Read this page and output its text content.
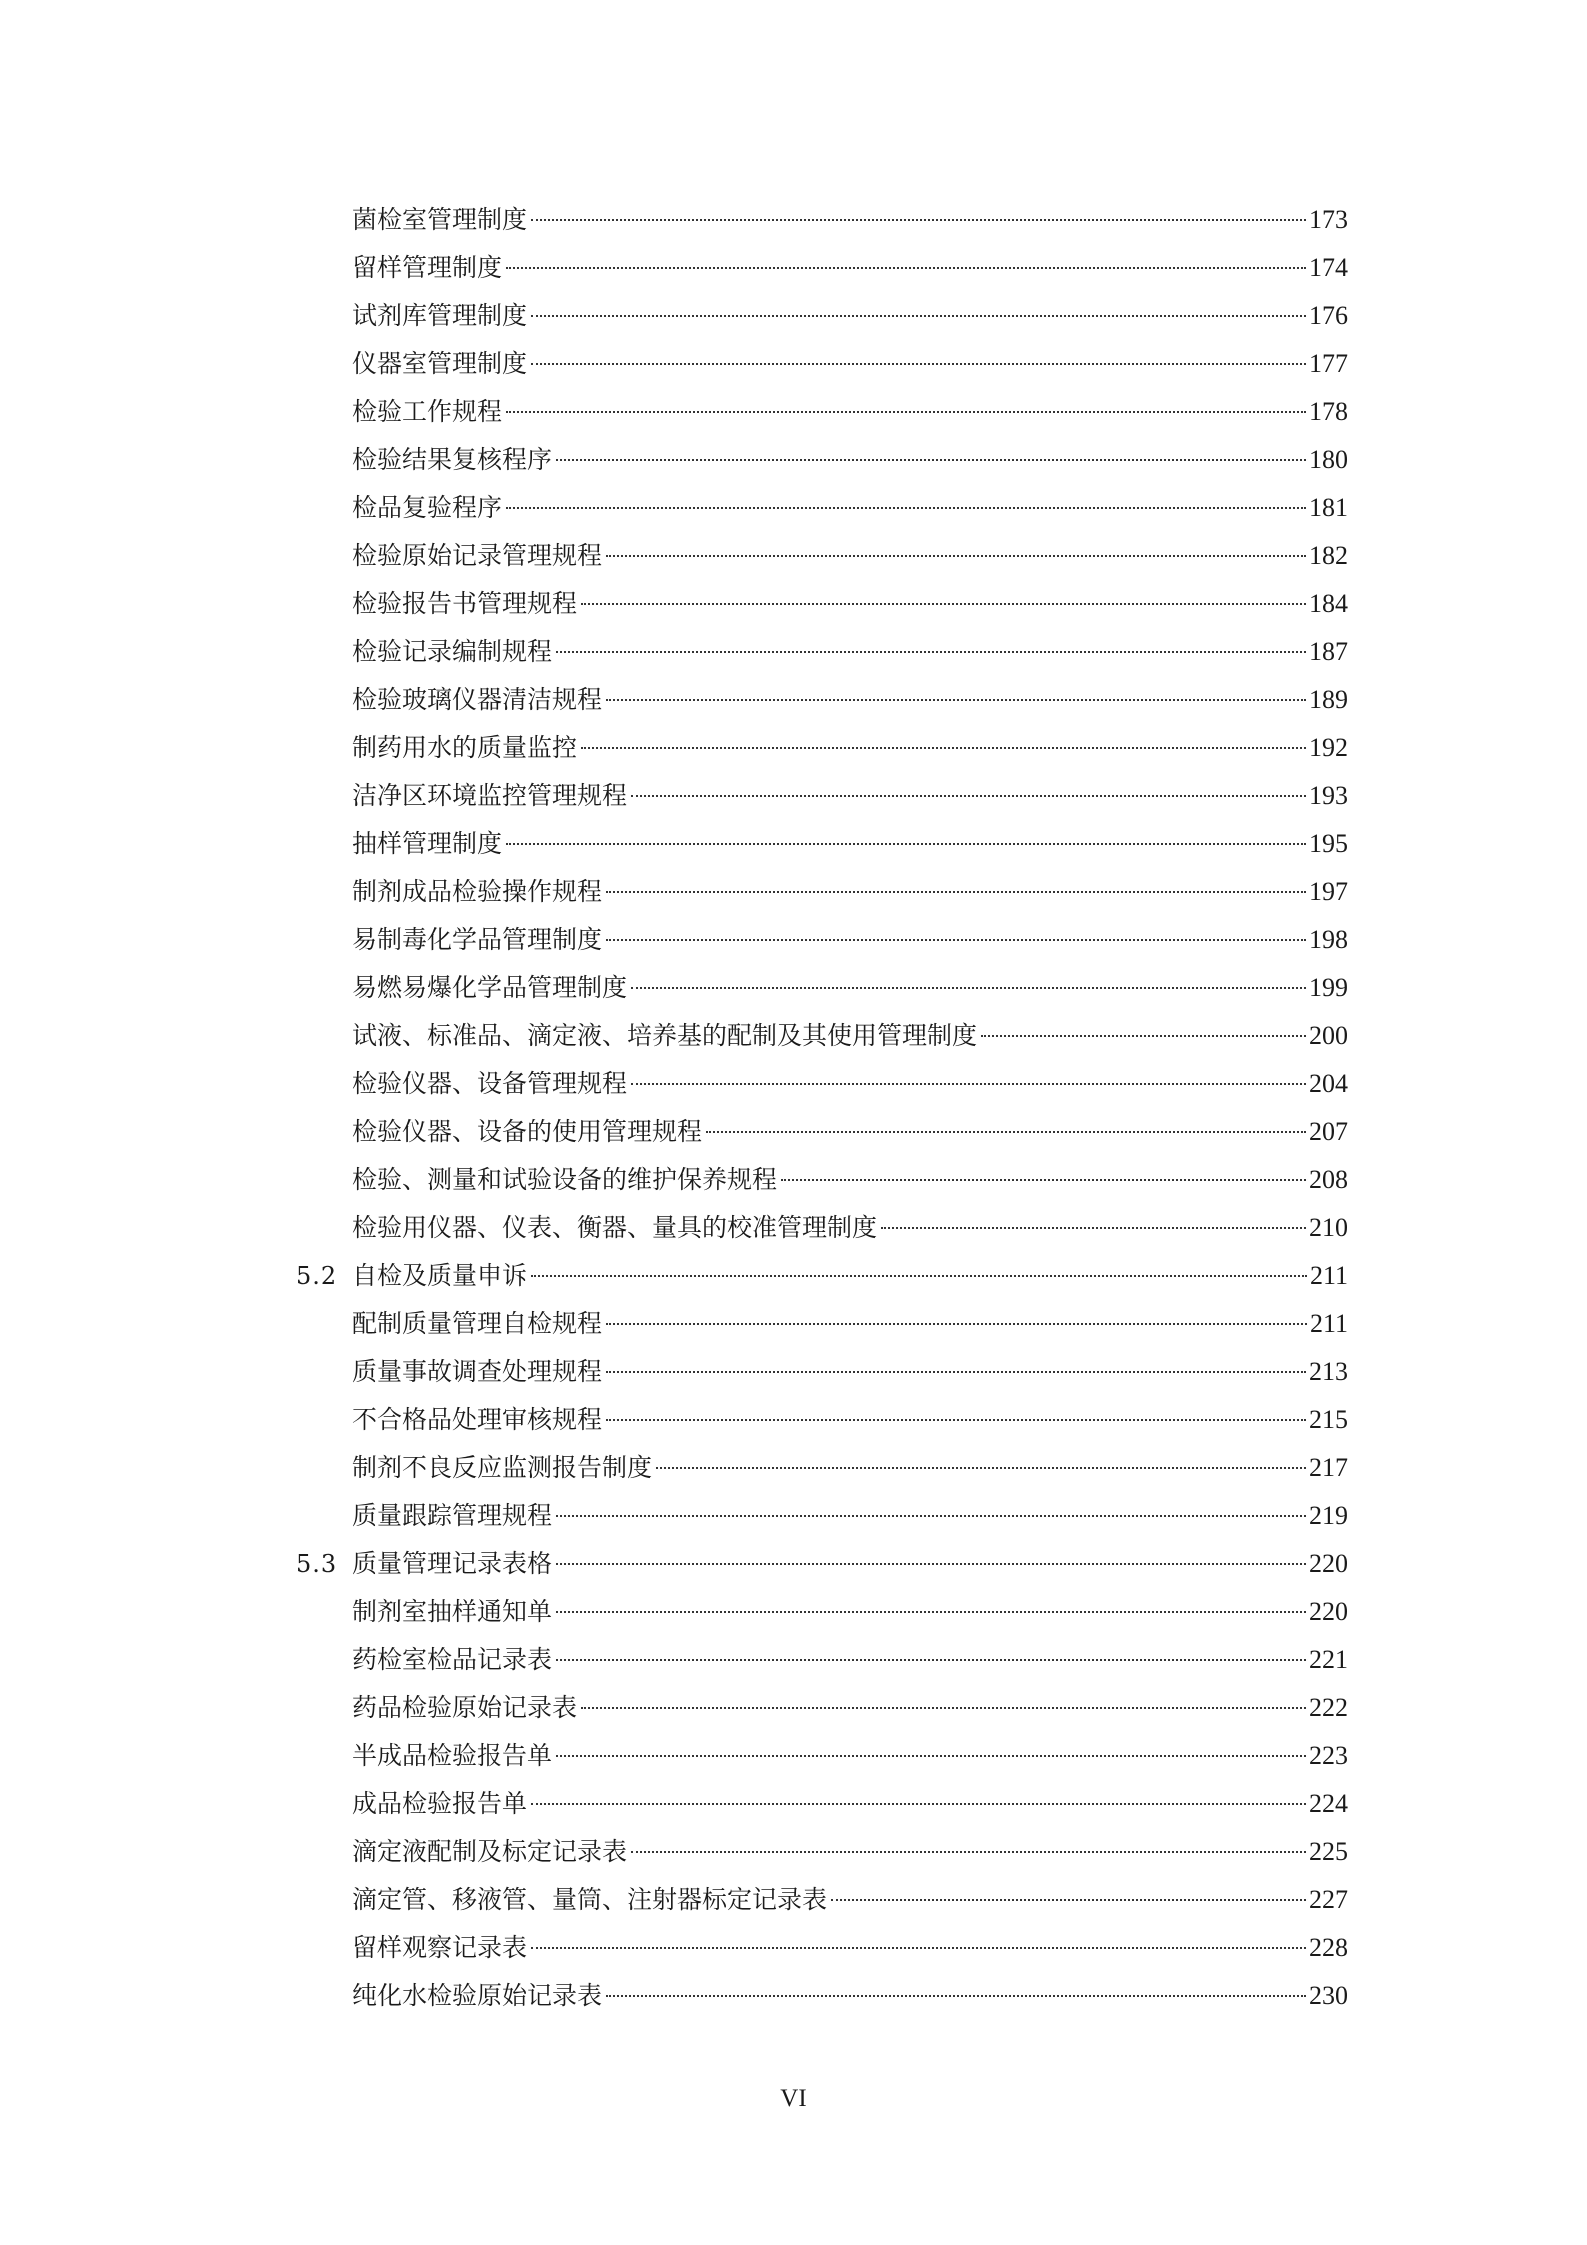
菌检室管理制度	173
留样管理制度	174
试剂库管理制度	176
仪器室管理制度	177
检验工作规程	178
检验结果复核程序	180
检品复验程序	181
检验原始记录管理规程	182
检验报告书管理规程	184
检验记录编制规程	187
检验玻璃仪器清洁规程	189
制药用水的质量监控	192
洁净区环境监控管理规程	193
抽样管理制度	195
制剂成品检验操作规程	197
易制毒化学品管理制度	198
易燃易爆化学品管理制度	199
试液、标准品、滴定液、培养基的配制及其使用管理制度	200
检验仪器、设备管理规程	204
检验仪器、设备的使用管理规程	207
检验、测量和试验设备的维护保养规程	208
检验用仪器、仪表、衡器、量具的校准管理制度	210
5.2 自检及质量申诉	211
配制质量管理自检规程	211
质量事故调查处理规程	213
不合格品处理审核规程	215
制剂不良反应监测报告制度	217
质量跟踪管理规程	219
5.3 质量管理记录表格	220
制剂室抽样通知单	220
药检室检品记录表	221
药品检验原始记录表	222
半成品检验报告单	223
成品检验报告单	224
滴定液配制及标定记录表	225
滴定管、移液管、量筒、注射器标定记录表	227
留样观察记录表	228
纯化水检验原始记录表	230
VI
